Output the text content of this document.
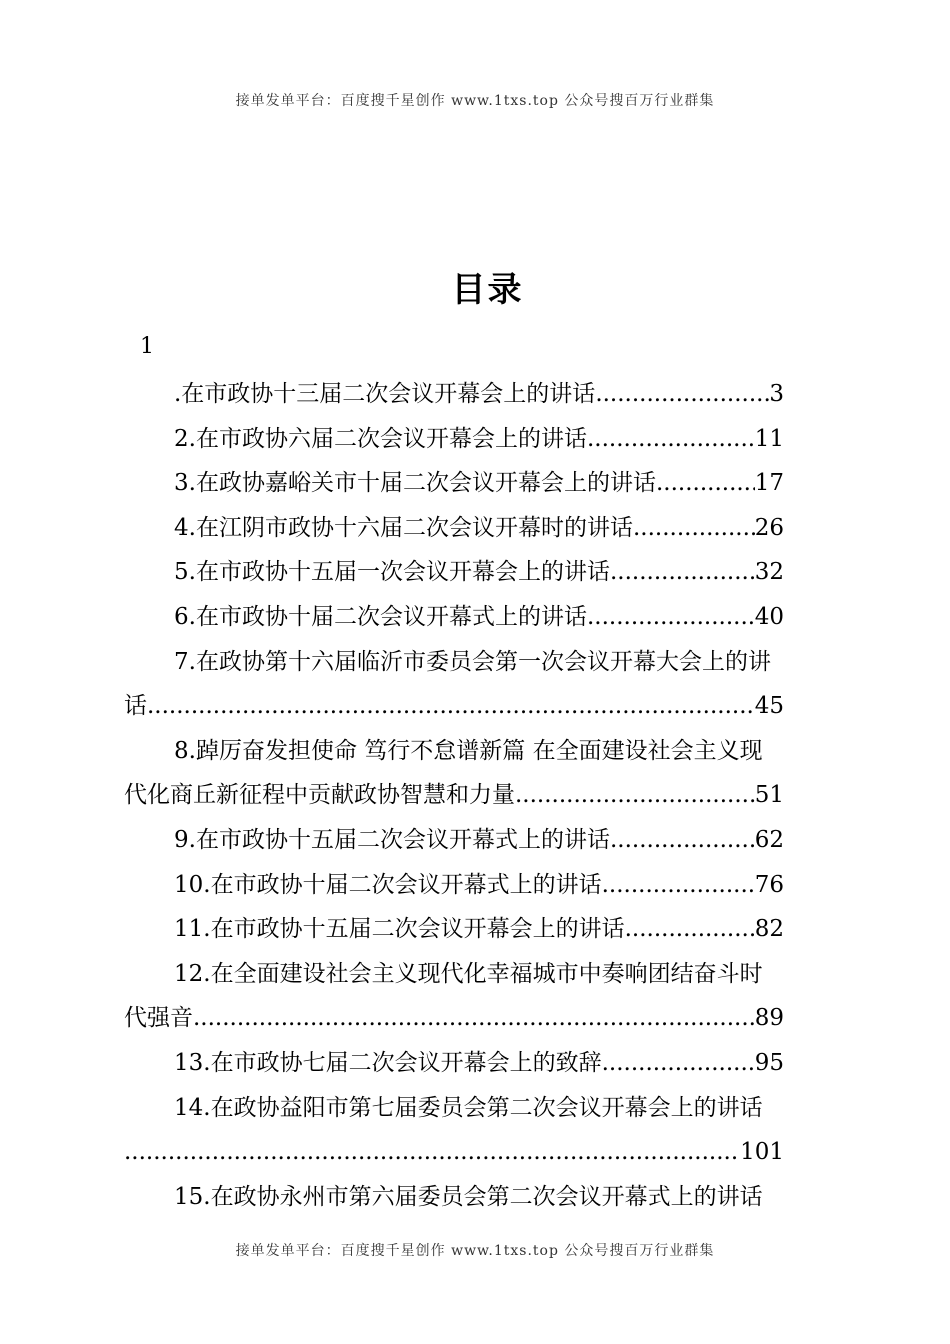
接单发单平台：百度搜千星创作 www.1txs.top 公众号搜百万行业群集
目录
1
.在市政协十三届二次会议开幕会上的讲话 .....	3
2.在市政协六届二次会议开幕会上的讲话 .....	11
3.在政协嘉峪关市十届二次会议开幕会上的讲话 .....	17
4.在江阴市政协十六届二次会议开幕时的讲话 .....	26
5.在市政协十五届一次会议开幕会上的讲话 .....	32
6.在市政协十届二次会议开幕式上的讲话 .....	40
7.在政协第十六届临沂市委员会第一次会议开幕大会上的讲
话 .....	45
8.踔厉奋发担使命 笃行不怠谱新篇 在全面建设社会主义现
代化商丘新征程中贡献政协智慧和力量 .....	51
9.在市政协十五届二次会议开幕式上的讲话 .....	62
10.在市政协十届二次会议开幕式上的讲话 .....	76
11.在市政协十五届二次会议开幕会上的讲话 .....	82
12.在全面建设社会主义现代化幸福城市中奏响团结奋斗时
代强音 .....	89
13.在市政协七届二次会议开幕会上的致辞 .....	95
14.在政协益阳市第七届委员会第二次会议开幕会上的讲话
.....
101
15.在政协永州市第六届委员会第二次会议开幕式上的讲话
接单发单平台：百度搜千星创作 www.1txs.top 公众号搜百万行业群集
